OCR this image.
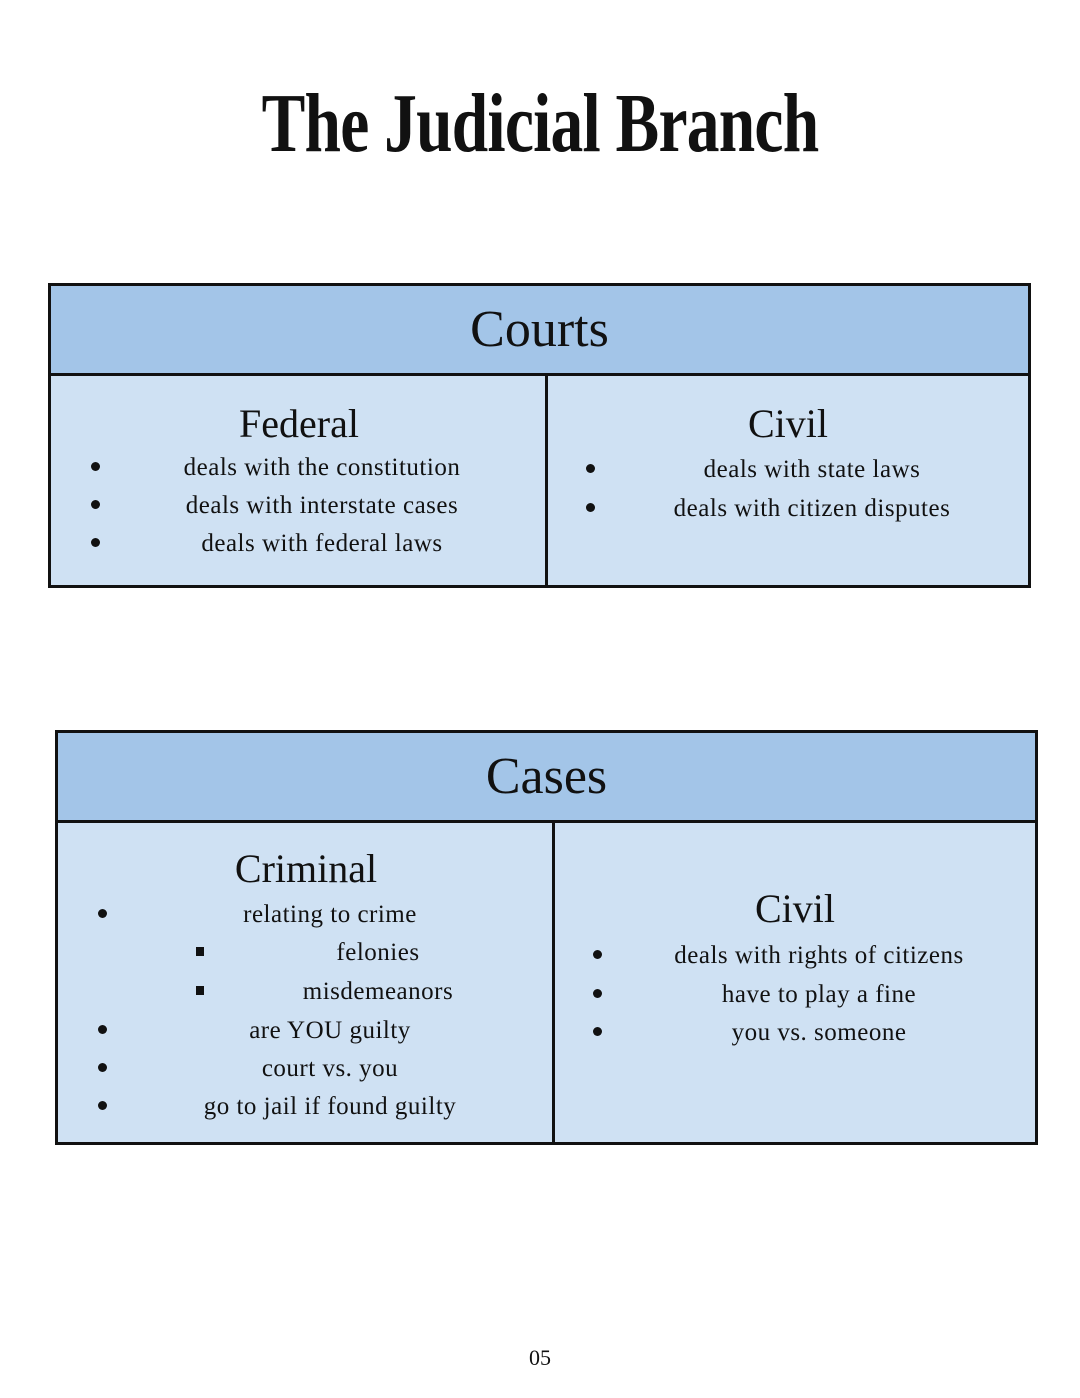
The Judicial Branch
Courts
Federal
deals with the constitution
deals with interstate cases
deals with federal laws
Civil
deals with state laws
deals with citizen disputes
Cases
Criminal
relating to crime
felonies
misdemeanors
are YOU guilty
court vs. you
go to jail if found guilty
Civil
deals with rights of citizens
have to play a fine
you vs. someone
05
